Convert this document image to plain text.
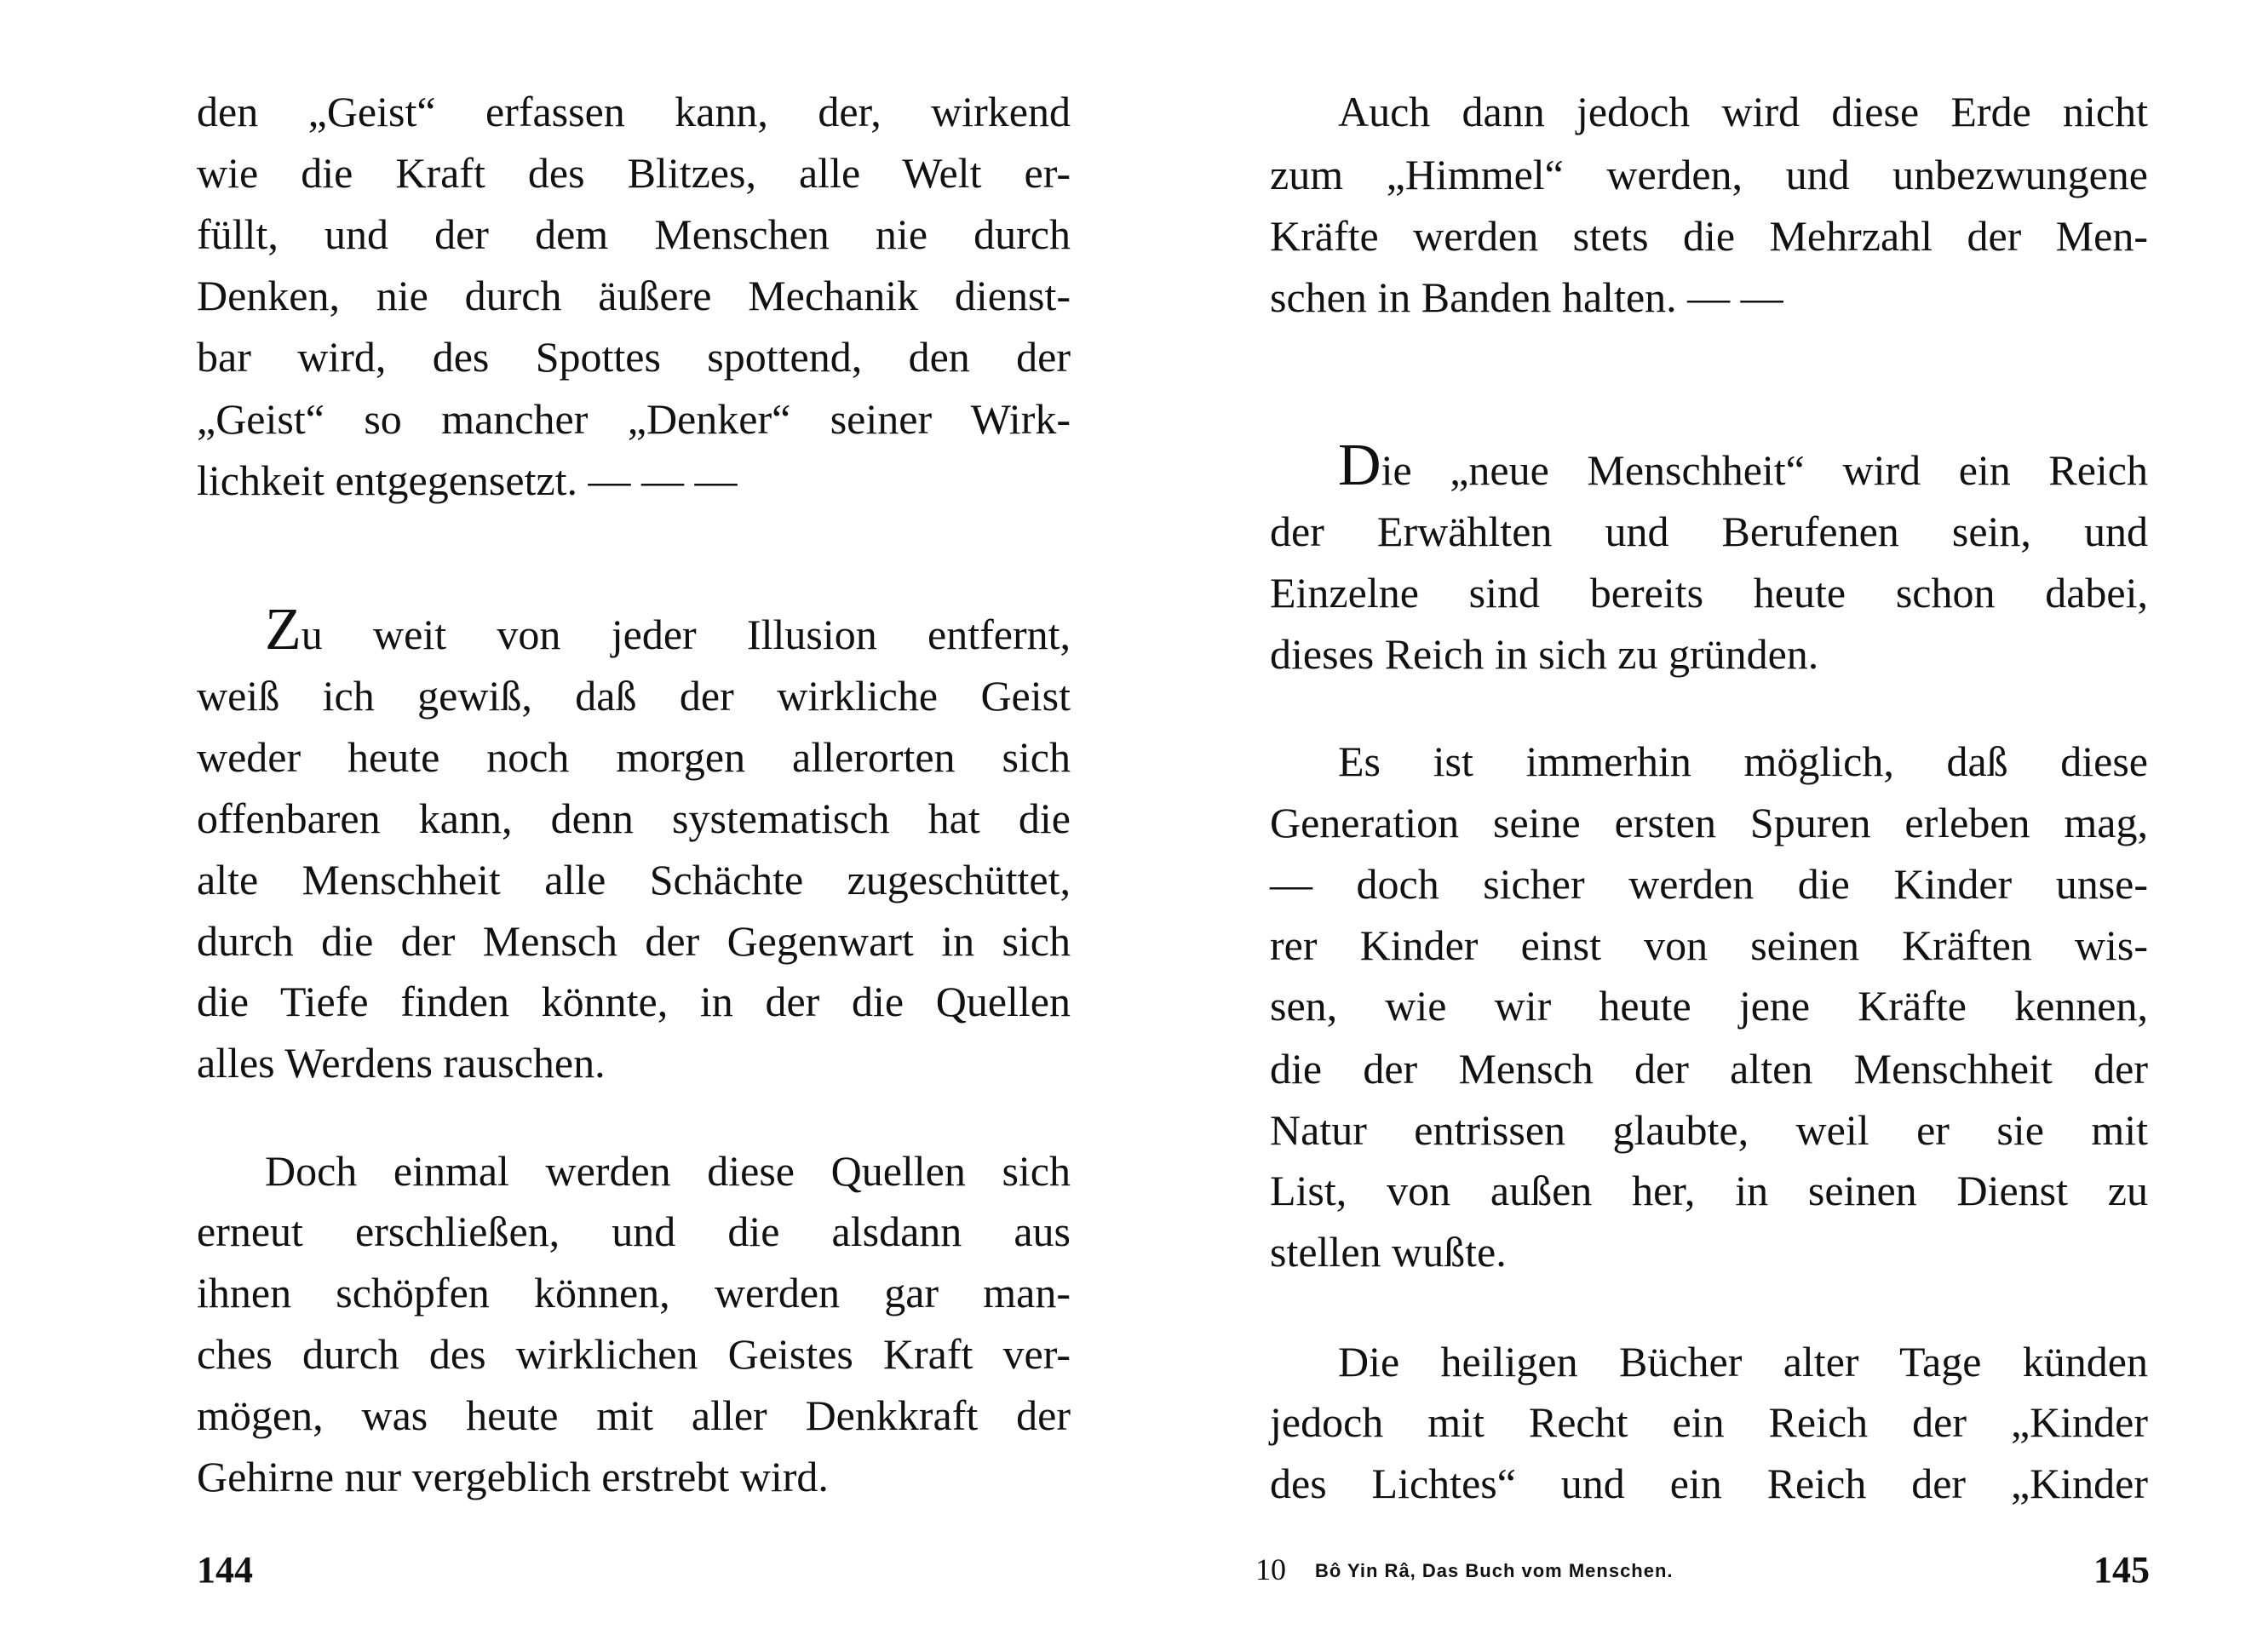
den „Geist“ erfassen kann, der, wirkend
wie die Kraft des Blitzes, alle Welt er-
füllt, und der dem Menschen nie durch
Denken, nie durch äußere Mechanik dienst-
bar wird, des Spottes spottend, den der
„Geist“ so mancher „Denker“ seiner Wirk-
lichkeit entgegensetzt. — — —
Z u weit von jeder Illusion entfernt,
weiß ich gewiß, daß der wirkliche Geist
weder heute noch morgen allerorten sich
offenbaren kann, denn systematisch hat die
alte Menschheit alle Schächte zugeschüttet,
durch die der Mensch der Gegenwart in sich
die Tiefe finden könnte, in der die Quellen
alles Werdens rauschen.
Doch einmal werden diese Quellen sich
erneut erschließen, und die alsdann aus
ihnen schöpfen können, werden gar man-
ches durch des wirklichen Geistes Kraft ver-
mögen, was heute mit aller Denkkraft der
Gehirne nur vergeblich erstrebt wird.
Auch dann jedoch wird diese Erde nicht
zum „Himmel“ werden, und unbezwungene
Kräfte werden stets die Mehrzahl der Men-
schen in Banden halten. — —
D ie „neue Menschheit“ wird ein Reich
der Erwählten und Berufenen sein, und
Einzelne sind bereits heute schon dabei,
dieses Reich in sich zu gründen.
Es ist immerhin möglich, daß diese
Generation seine ersten Spuren erleben mag,
— doch sicher werden die Kinder unse-
rer Kinder einst von seinen Kräften wis-
sen, wie wir heute jene Kräfte kennen,
die der Mensch der alten Menschheit der
Natur entrissen glaubte, weil er sie mit
List, von außen her, in seinen Dienst zu
stellen wußte.
Die heiligen Bücher alter Tage künden
jedoch mit Recht ein Reich der „Kinder
des Lichtes“ und ein Reich der „Kinder
144	10 Bô Yin Râ, Das Buch vom Menschen.	145
